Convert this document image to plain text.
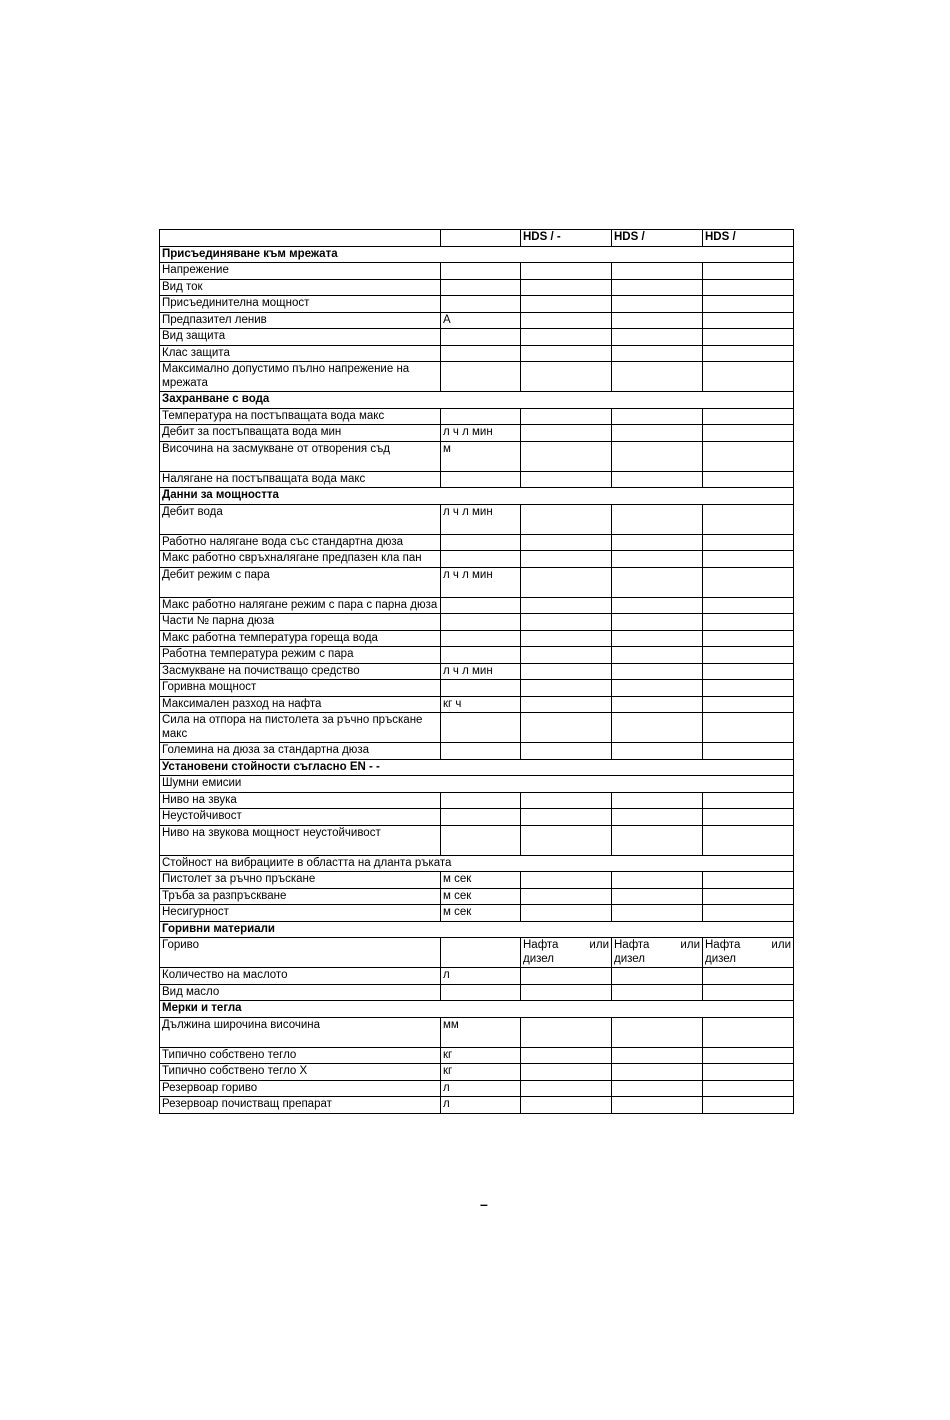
		HDS / -	HDS /	HDS /
Присъединяване към мрежата				
Напрежение				
Вид ток				
Присъединителна мощност				
Предпазител ленив	А			
Вид защита				
Клас защита				
Максимално допустимо пълно напрежение на мрежата				
Захранване с вода				
Температура на постъпващата вода макс				
Дебит за постъпващата вода мин	л ч л мин			
Височина на засмукване от отворения съд	м			
Налягане на постъпващата вода макс				
Данни за мощността				
Дебит вода	л ч л мин			
Работно налягане вода със стандартна дюза				
Макс работно свръхналягане предпазен кла пан				
Дебит режим с пара	л ч л мин			
Макс работно налягане режим с пара с парна дюза				
Части № парна дюза				
Макс работна температура гореща вода				
Работна температура режим с пара				
Засмукване на почистващо средство	л ч л мин			
Горивна мощност				
Максимален разход на нафта	кг ч			
Сила на отпора на пистолета за ръчно пръскане макс				
Големина на дюза за стандартна дюза				
Установени стойности съгласно EN - -				
Шумни емисии				
Ниво на звука				
Неустойчивост				
Ниво на звукова мощност неустойчивост				
Стойност на вибрациите в областта на длантa ръката				
Пистолет за ръчно пръскане	м сек			
Тръба за разпръскване	м сек			
Несигурност	м сек			
Горивни материали				
Гориво		Нафта или дизел	Нафта или дизел	Нафта или дизел
Количество на маслото	л			
Вид масло				
Мерки и тегла				
Дължина широчина височина	мм			
Типично собствено тегло	кг			
Типично собствено тегло Х	кг			
Резервоар гориво	л			
Резервоар почистващ препарат	л			
–
